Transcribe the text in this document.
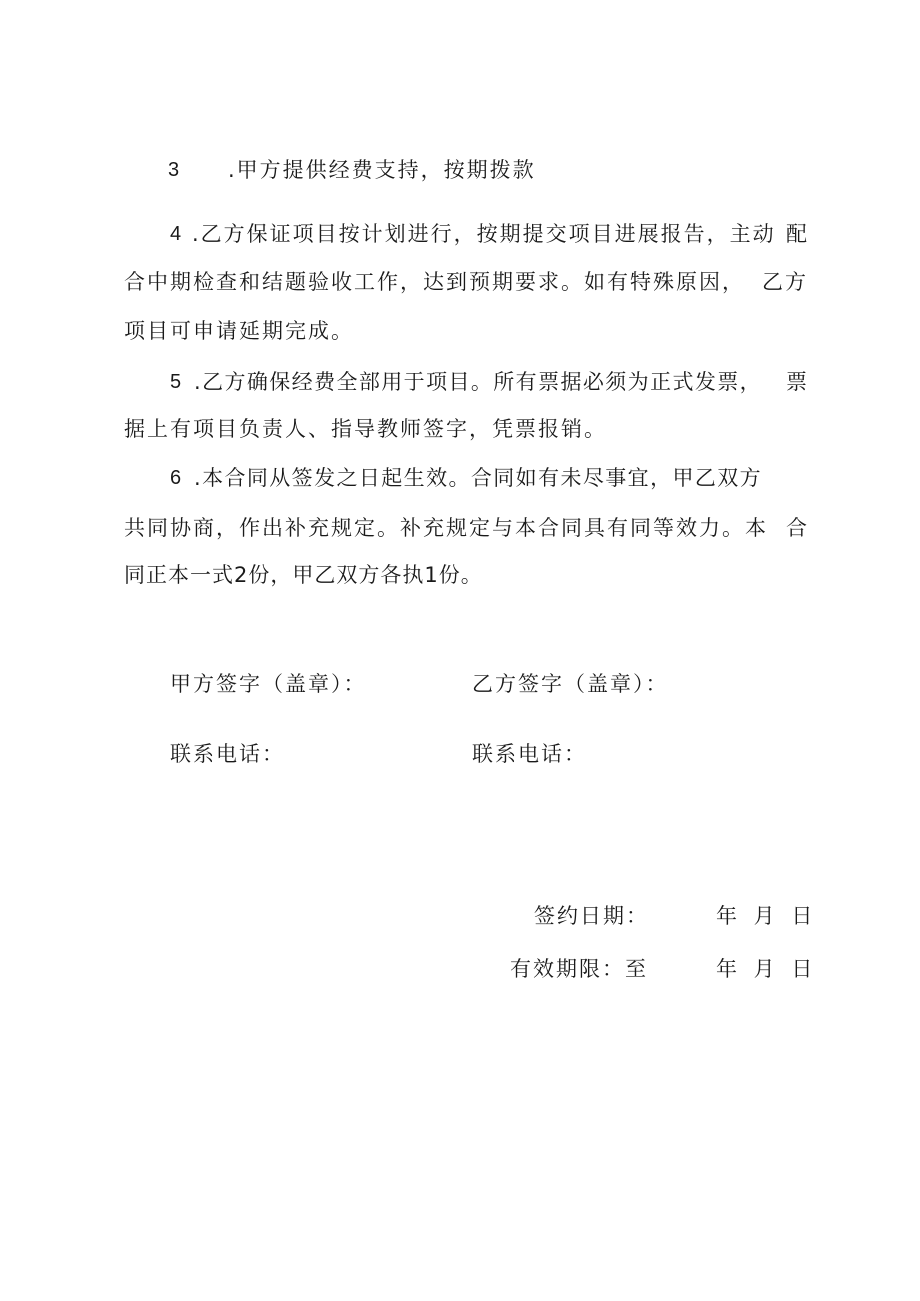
3 .甲方提供经费支持，按期拨款
4 .乙方保证项目按计划进行，按期提交项目进展报告，主动 配
合中期检查和结题验收工作，达到预期要求。如有特殊原因， 乙方
项目可申请延期完成。
5 .乙方确保经费全部用于项目。所有票据必须为正式发票， 票
据上有项目负责人、指导教师签字，凭票报销。
6 .本合同从签发之日起生效。合同如有未尽事宜，甲乙双方
共同协商，作出补充规定。补充规定与本合同具有同等效力。本 合
同正本一式2份，甲乙双方各执1份。
甲方签字（盖章）：	乙方签字（盖章）：
联系电话：	联系电话：
签约日期：	年 月 日
有效期限：至	年 月 日
